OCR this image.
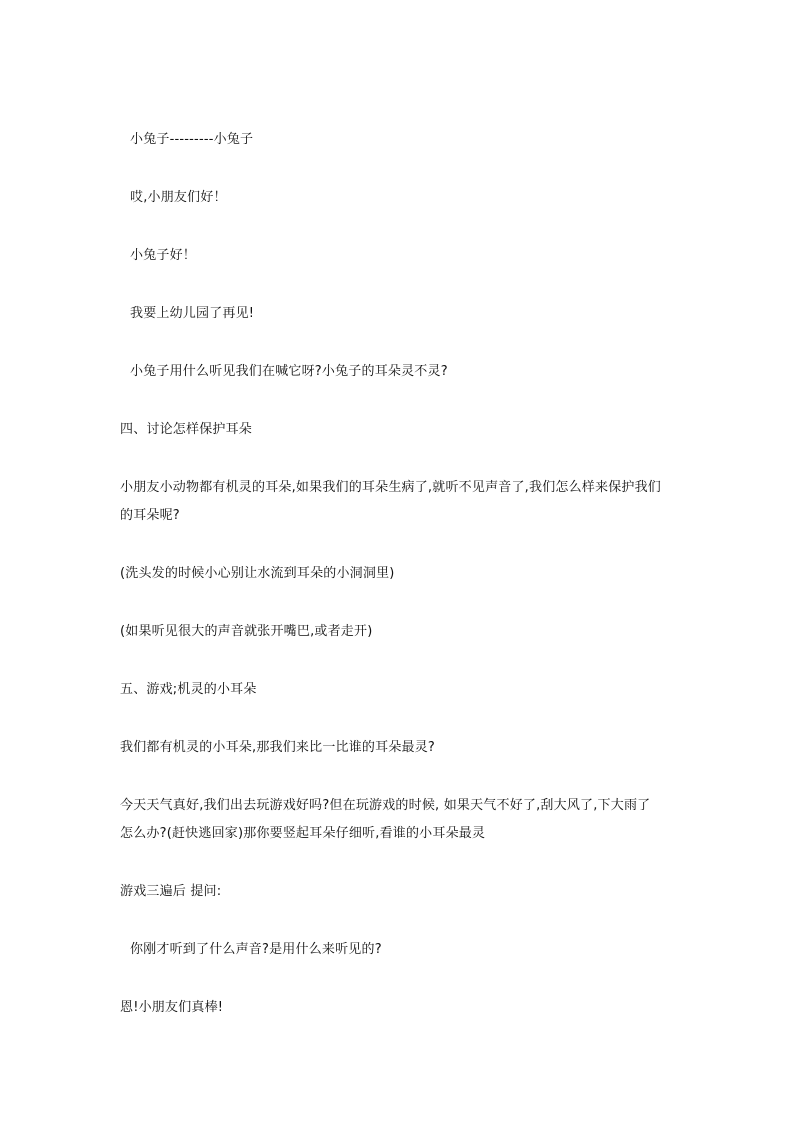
小兔子---------小兔子
哎,小朋友们好！
小兔子好！
我要上幼儿园了再见!
小兔子用什么听见我们在喊它呀?小兔子的耳朵灵不灵?
四、讨论怎样保护耳朵
小朋友小动物都有机灵的耳朵,如果我们的耳朵生病了,就听不见声音了,我们怎么样来保护我们
的耳朵呢?
(洗头发的时候小心别让水流到耳朵的小洞洞里)
(如果听见很大的声音就张开嘴巴,或者走开)
五、游戏;机灵的小耳朵
我们都有机灵的小耳朵,那我们来比一比谁的耳朵最灵?
今天天气真好,我们出去玩游戏好吗?但在玩游戏的时候, 如果天气不好了,刮大风了,下大雨了
怎么办?(赶快逃回家)那你要竖起耳朵仔细听,看谁的小耳朵最灵
游戏三遍后 提问:
你刚才听到了什么声音?是用什么来听见的?
恩!小朋友们真棒!
